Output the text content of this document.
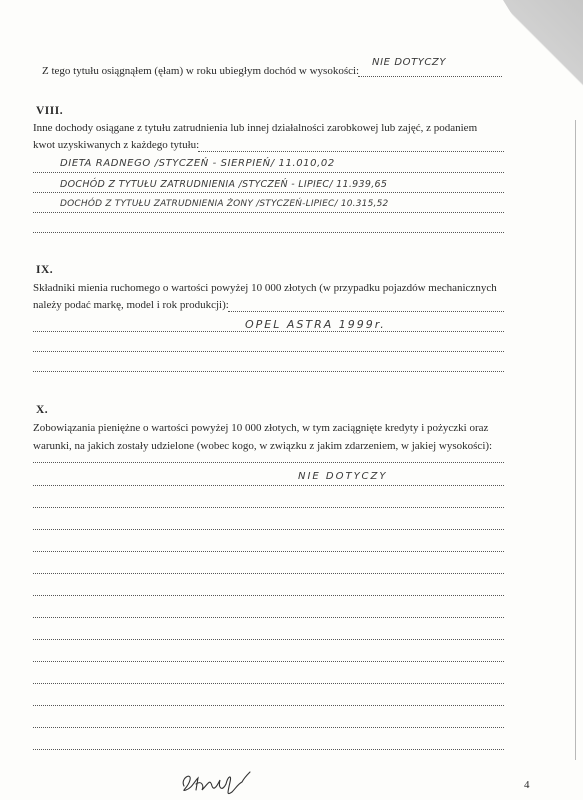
Z tego tytułu osiągnąłem (ęłam) w roku ubiegłym dochód w wysokości:
NIE DOTYCZY
VIII.
Inne dochody osiągane z tytułu zatrudnienia lub innej działalności zarobkowej lub zajęć, z podaniem
kwot uzyskiwanych z każdego tytułu:
DIETA RADNEGO /STYCZEŃ - SIERPIEŃ/ 11.010,02
DOCHÓD Z TYTUŁU ZATRUDNIENIA /STYCZEŃ - LIPIEC/ 11.939,65
DOCHÓD Z TYTUŁU ZATRUDNIENIA ŻONY /STYCZEŃ-LIPIEC/ 10.315,52
IX.
Składniki mienia ruchomego o wartości powyżej 10 000 złotych (w przypadku pojazdów mechanicznych
należy podać markę, model i rok produkcji):
OPEL ASTRA 1999r.
X.
Zobowiązania pieniężne o wartości powyżej 10 000 złotych, w tym zaciągnięte kredyty i pożyczki oraz
warunki, na jakich zostały udzielone (wobec kogo, w związku z jakim zdarzeniem, w jakiej wysokości):
NIE DOTYCZY
4
